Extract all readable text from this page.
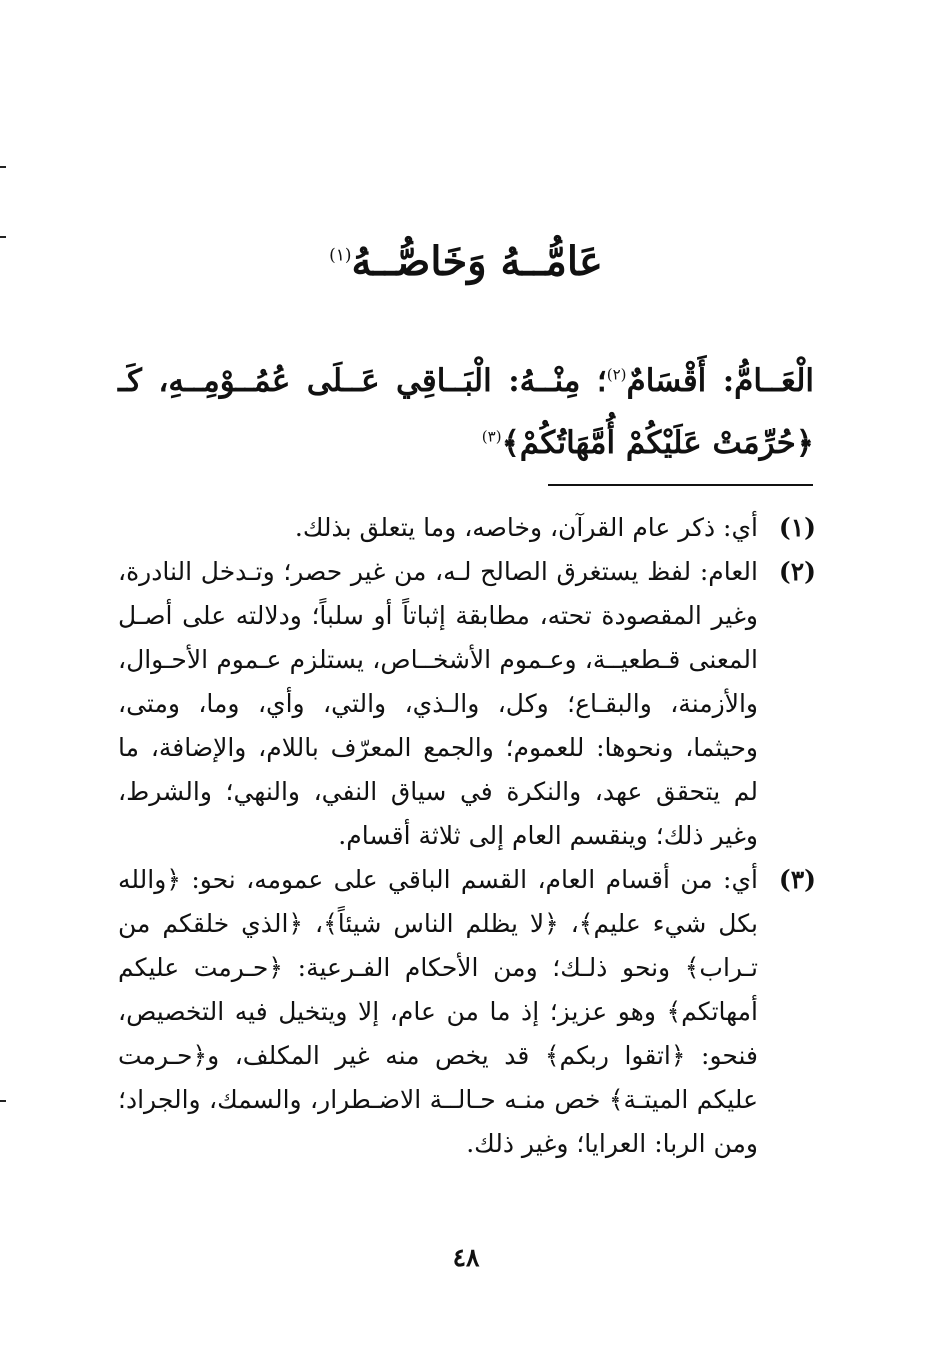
عَامُّــهُ وَخَاصُّــهُ$^{(١)}$
الْعَــامُّ: أَقْسَامٌ$^{(٢)}$؛ مِنْــهُ: الْبَــاقِي عَــلَى عُمُــوْمِــهِ، كَـ ﴿حُرِّمَتْ عَلَيْكُمْ أُمَّهَاتُكُمْ﴾$^{(٣)}$
(١)
أي: ذكر عام القرآن، وخاصه، وما يتعلق بذلك.
(٢)
العام: لفظ يستغرق الصالح لـه، من غير حصر؛ وتـدخل النادرة، وغير المقصودة تحته، مطابقة إثباتاً أو سلباً؛ ودلالته على أصـل المعنى قـطعيــة، وعـموم الأشخــاص، يستلزم عـموم الأحـوال، والأزمنة، والبقـاع؛ وكل، والـذي، والتي، وأي، وما، ومتى، وحيثما، ونحوها: للعموم؛ والجمع المعرّف باللام، والإضافة، ما لم يتحقق عهد، والنكرة في سياق النفي، والنهي؛ والشرط، وغير ذلك؛ وينقسم العام إلى ثلاثة أقسام.
(٣)
أي: من أقسام العام، القسم الباقي على عمومه، نحو: ﴿والله بكل شيء عليم﴾، ﴿لا يظلم الناس شيئاً﴾، ﴿الذي خلقكم من تـراب﴾ ونحو ذلـك؛ ومن الأحكام الفـرعية: ﴿حـرمت عليكم أمهاتكم﴾ وهو عزيز؛ إذ ما من عام، إلا ويتخيل فيه التخصيص، فنحو: ﴿اتقوا ربكم﴾ قد يخص منه غير المكلف، و﴿حـرمت عليكم الميتـة﴾ خص منـه حـالــة الاضـطرار، والسمك، والجراد؛ ومن الربا: العرايا؛ وغير ذلك.
٤٨
